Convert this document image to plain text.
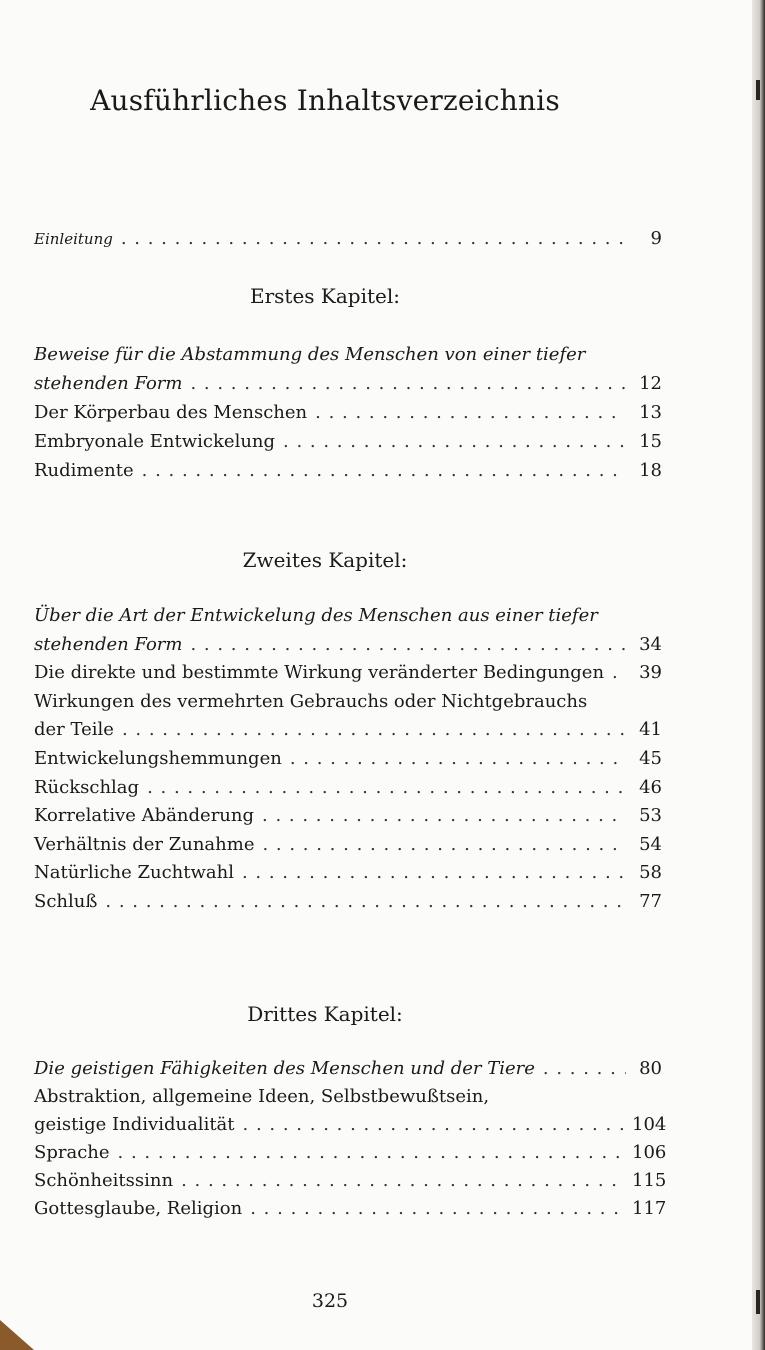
Ausführliches Inhaltsverzeichnis
Einleitung . . .	9
Erstes Kapitel:
Beweise für die Abstammung des Menschen von einer tiefer
stehenden Form . . .	12
Der Körperbau des Menschen . . .	13
Embryonale Entwickelung . . .	15
Rudimente . . .	18
Zweites Kapitel:
Über die Art der Entwickelung des Menschen aus einer tiefer
stehenden Form . . .	34
Die direkte und bestimmte Wirkung veränderter Bedingungen . . .	39
Wirkungen des vermehrten Gebrauchs oder Nichtgebrauchs
der Teile . . .	41
Entwickelungshemmungen . . .	45
Rückschlag . . .	46
Korrelative Abänderung . . .	53
Verhältnis der Zunahme . . .	54
Natürliche Zuchtwahl . . .	58
Schluß . . .	77
Drittes Kapitel:
Die geistigen Fähigkeiten des Menschen und der Tiere . . .	80
Abstraktion, allgemeine Ideen, Selbstbewußtsein,
geistige Individualität . . .	104
Sprache . . .	106
Schönheitssinn . . .	115
Gottesglaube, Religion . . .	117
325
